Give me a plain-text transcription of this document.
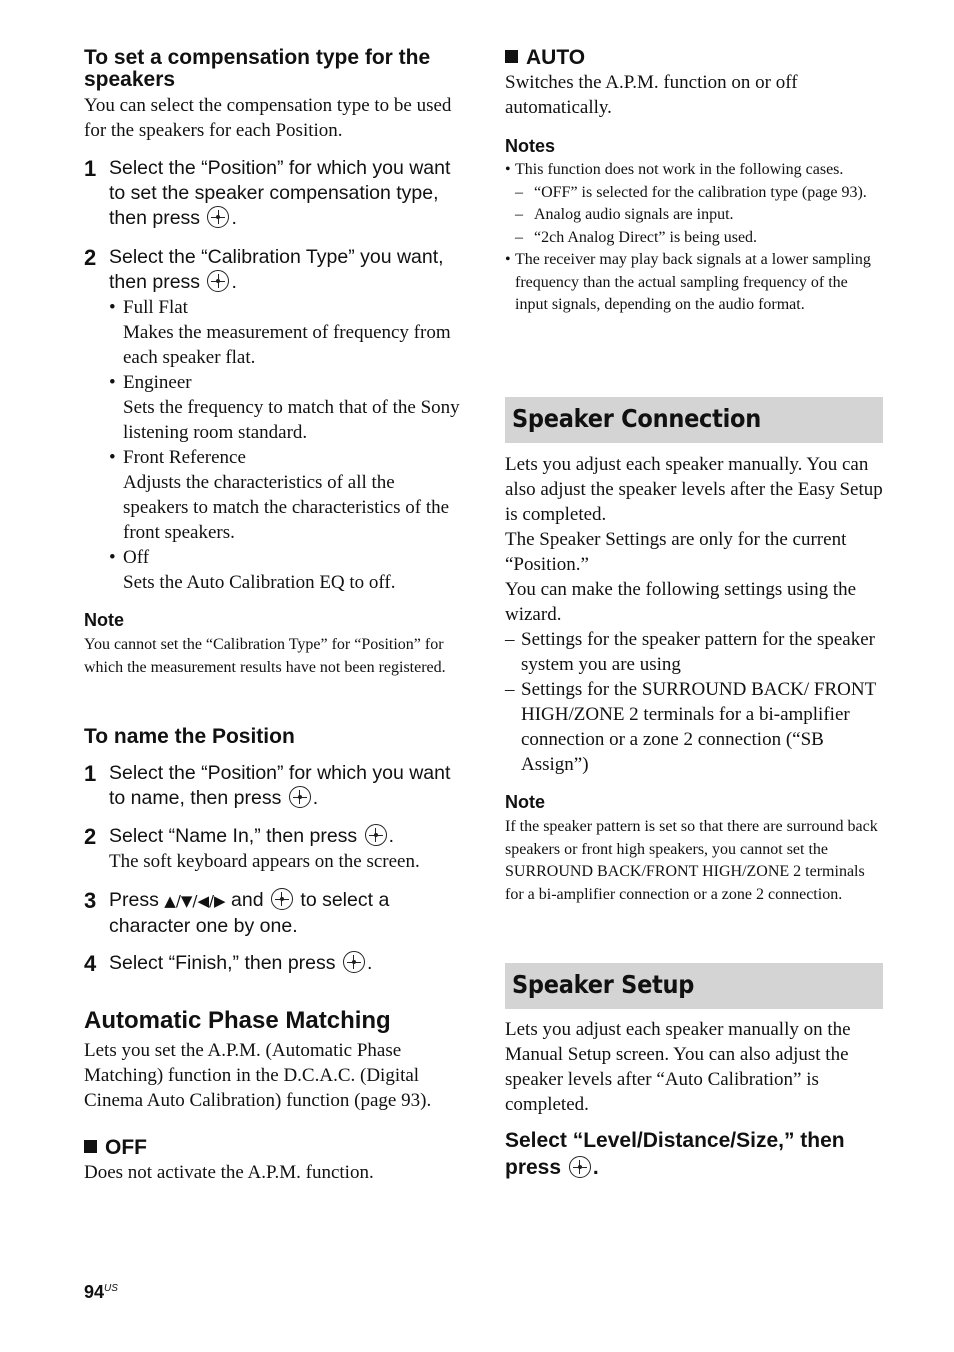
To set a compensation type for the speakers

You can select the compensation type to be used for the speakers for each Position.

1 Select the “Position” for which you want to set the speaker compensation type, then press .
2 Select the “Calibration Type” you want, then press .
• Full Flat
Makes the measurement of frequency from each speaker flat.
• Engineer
Sets the frequency to match that of the Sony listening room standard.
• Front Reference
Adjusts the characteristics of all the speakers to match the characteristics of the front speakers.
• Off
Sets the Auto Calibration EQ to off.
Note

You cannot set the “Calibration Type” for “Position” for which the measurement results have not been registered.

To name the Position
1 Select the “Position” for which you want to name, then press .
2 Select “Name In,” then press .
The soft keyboard appears on the screen.
3 Press ▲/▼/◀/▶ and to select a character one by one.
4 Select “Finish,” then press .
Automatic Phase Matching

Lets you set the A.P.M. (Automatic Phase Matching) function in the D.C.A.C. (Digital Cinema Auto Calibration) function (page 93).

OFF

Does not activate the A.P.M. function.

AUTO

Switches the A.P.M. function on or off automatically.

Notes
• This function does not work in the following cases.
– “OFF” is selected for the calibration type (page 93).
– Analog audio signals are input.
– “2ch Analog Direct” is being used.
• The receiver may play back signals at a lower sampling frequency than the actual sampling frequency of the input signals, depending on the audio format.
Speaker Connection
Lets you adjust each speaker manually. You can also adjust the speaker levels after the Easy Setup is completed.
The Speaker Settings are only for the current “Position.”
You can make the following settings using the wizard.
– Settings for the speaker pattern for the speaker system you are using
– Settings for the SURROUND BACK/ FRONT HIGH/ZONE 2 terminals for a bi-amplifier connection or a zone 2 connection (“SB Assign”)
Note

If the speaker pattern is set so that there are surround back speakers or front high speakers, you cannot set the SURROUND BACK/FRONT HIGH/ZONE 2 terminals for a bi-amplifier connection or a zone 2 connection.

Speaker Setup

Lets you adjust each speaker manually on the Manual Setup screen. You can also adjust the speaker levels after “Auto Calibration” is completed.

Select “Level/Distance/Size,” then press .
$94^{US}$
